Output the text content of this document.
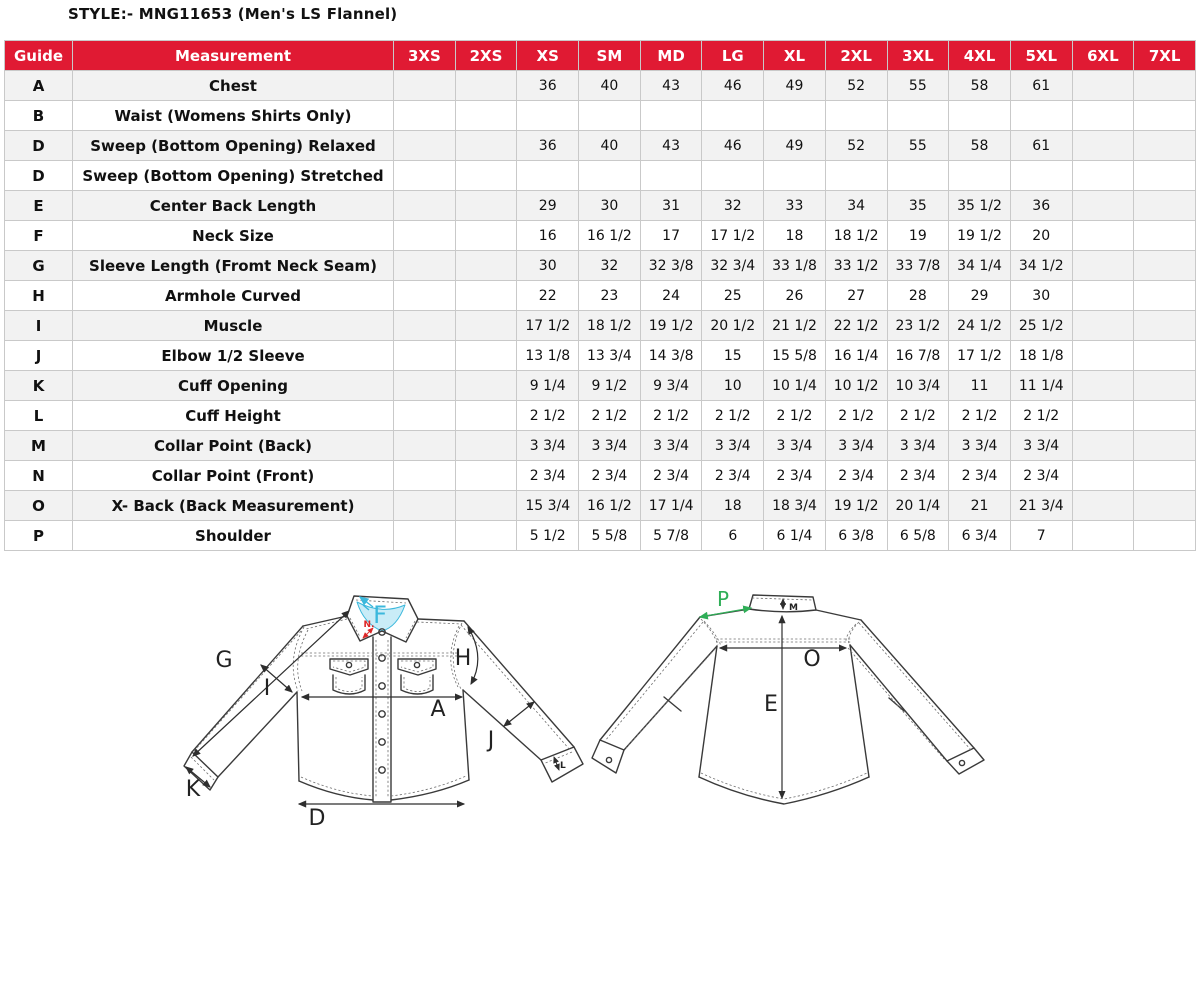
STYLE:- MNG11653 (Men's LS Flannel)
Guide	Measurement	3XS	2XS	XS	SM	MD	LG	XL	2XL	3XL	4XL	5XL	6XL	7XL
A	Chest			36	40	43	46	49	52	55	58	61		
B	Waist (Womens Shirts Only)													
D	Sweep (Bottom Opening) Relaxed			36	40	43	46	49	52	55	58	61		
D	Sweep (Bottom Opening) Stretched													
E	Center Back Length			29	30	31	32	33	34	35	35 1/2	36		
F	Neck Size			16	16 1/2	17	17 1/2	18	18 1/2	19	19 1/2	20		
G	Sleeve Length (Fromt Neck Seam)			30	32	32 3/8	32 3/4	33 1/8	33 1/2	33 7/8	34 1/4	34 1/2		
H	Armhole Curved			22	23	24	25	26	27	28	29	30		
I	Muscle			17 1/2	18 1/2	19 1/2	20 1/2	21 1/2	22 1/2	23 1/2	24 1/2	25 1/2		
J	Elbow 1/2 Sleeve			13 1/8	13 3/4	14 3/8	15	15 5/8	16 1/4	16 7/8	17 1/2	18 1/8		
K	Cuff Opening			9 1/4	9 1/2	9 3/4	10	10 1/4	10 1/2	10 3/4	11	11 1/4		
L	Cuff Height			2 1/2	2 1/2	2 1/2	2 1/2	2 1/2	2 1/2	2 1/2	2 1/2	2 1/2		
M	Collar Point (Back)			3 3/4	3 3/4	3 3/4	3 3/4	3 3/4	3 3/4	3 3/4	3 3/4	3 3/4		
N	Collar Point (Front)			2 3/4	2 3/4	2 3/4	2 3/4	2 3/4	2 3/4	2 3/4	2 3/4	2 3/4		
O	X- Back (Back Measurement)			15 3/4	16 1/2	17 1/4	18	18 3/4	19 1/2	20 1/4	21	21 3/4		
P	Shoulder			5 1/2	5 5/8	5 7/8	6	6 1/4	6 3/8	6 5/8	6 3/4	7		
F
N.
G
I
H
A
J
K
D
L
P	M
O
E
